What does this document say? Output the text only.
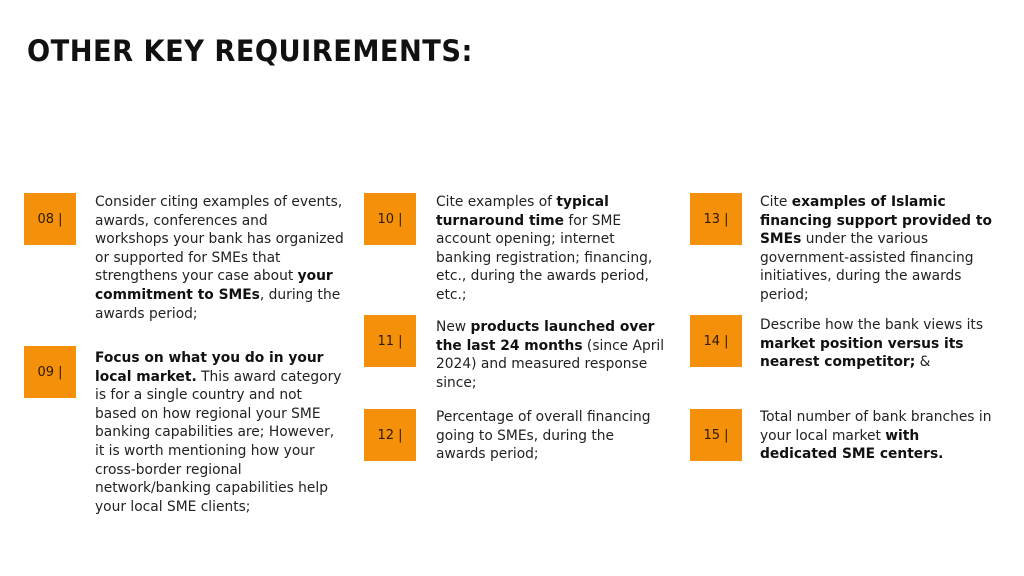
OTHER KEY REQUIREMENTS:
08 |
Consider citing examples of events, awards, conferences and workshops your bank has organized or supported for SMEs that strengthens your case about your commitment to SMEs, during the awards period;
09 |
Focus on what you do in your local market. This award category is for a single country and not based on how regional your SME banking capabilities are; However, it is worth mentioning how your cross-border regional network/banking capabilities help your local SME clients;
10 |
Cite examples of typical turnaround time for SME account opening; internet banking registration; financing, etc., during the awards period, etc.;
11 |
New products launched over the last 24 months (since April 2024) and measured response since;
12 |
Percentage of overall financing going to SMEs, during the awards period;
13 |
Cite examples of Islamic financing support provided to SMEs under the various government-assisted financing initiatives, during the awards period;
14 |
Describe how the bank views its market position versus its nearest competitor; &
15 |
Total number of bank branches in your local market with dedicated SME centers.
